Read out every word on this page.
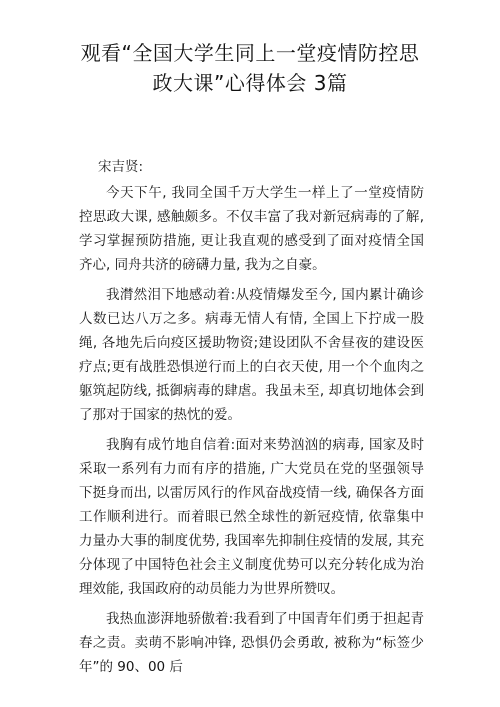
观看“全国大学生同上一堂疫情防控思
政大课”心得体会 3篇
宋吉贤:

今天下午, 我同全国千万大学生一样上了一堂疫情防控思政大课, 感触颇多。不仅丰富了我对新冠病毒的了解, 学习掌握预防措施, 更让我直观的感受到了面对疫情全国齐心, 同舟共济的磅礴力量, 我为之自豪。

我潸然泪下地感动着:从疫情爆发至今, 国内累计确诊人数已达八万之多。病毒无情人有情, 全国上下拧成一股绳, 各地先后向疫区援助物资;建设团队不舍昼夜的建设医疗点;更有战胜恐惧逆行而上的白衣天使, 用一个个血肉之躯筑起防线, 抵御病毒的肆虐。我虽未至, 却真切地体会到了那对于国家的热忱的爱。

我胸有成竹地自信着:面对来势汹汹的病毒, 国家及时采取一系列有力而有序的措施, 广大党员在党的坚强领导下挺身而出, 以雷厉风行的作风奋战疫情一线, 确保各方面工作顺利进行。而着眼已然全球性的新冠疫情, 依靠集中力量办大事的制度优势, 我国率先抑制住疫情的发展, 其充分体现了中国特色社会主义制度优势可以充分转化成为治理效能, 我国政府的动员能力为世界所赞叹。

我热血澎湃地骄傲着:我看到了中国青年们勇于担起青春之责。卖萌不影响冲锋, 恐惧仍会勇敢, 被称为“标签少年”的 90、00 后
